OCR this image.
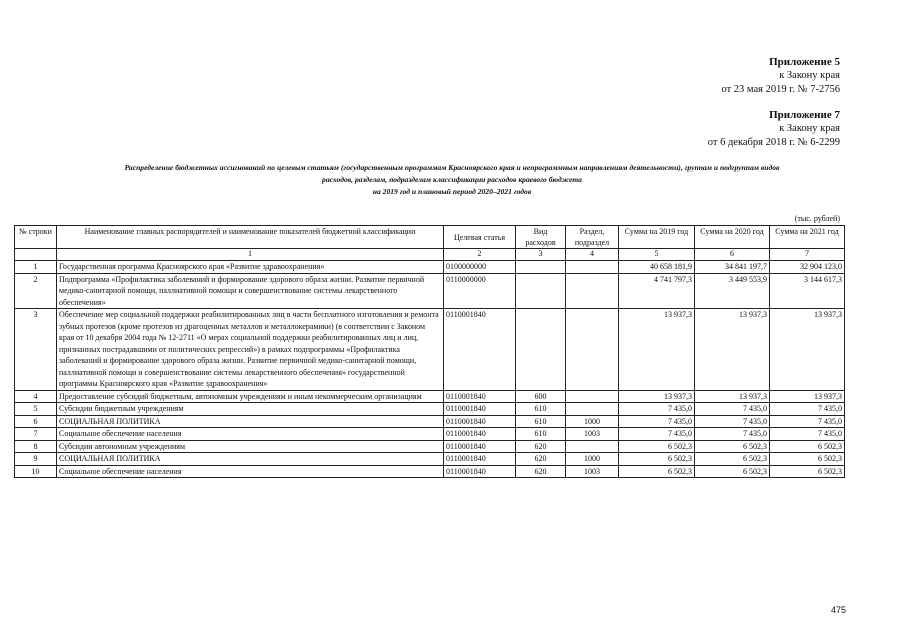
Приложение 5
к Закону края
от 23 мая 2019 г. № 7-2756
Приложение 7
к Закону края
от 6 декабря 2018 г. № 6-2299
Распределение бюджетных ассигнований по целевым статьям (государственным программам Красноярского края и непрограммным направлениям деятельности), группам и подгруппам видов
расходов, разделам, подразделам классификации расходов краевого бюджета
на 2019 год и плановый период 2020–2021 годов
(тыс. рублей)
№ строки	Наименование главных распорядителей и наименование показателей бюджетной классификации	Целевая статья	Вид расходов	Раздел, подраздел	Сумма на 2019 год	Сумма на 2020 год	Сумма на 2021 год
	1	2	3	4	5	6	7
1	Государственная программа Красноярского края «Развитие здравоохранения»	0100000000			40 658 181,9	34 841 197,7	32 904 123,0
2	Подпрограмма «Профилактика заболеваний и формирование здорового образа жизни. Развитие первичной медико-санитарной помощи, паллиативной помощи и совершенствование системы лекарственного обеспечения»	0110000000			4 741 797,3	3 449 553,9	3 144 617,3
3	Обеспечение мер социальной поддержки реабилитированных лиц в части бесплатного изготовления и ремонта зубных протезов (кроме протезов из драгоценных металлов и металлокерамики) (в соответствии с Законом края от 10 декабря 2004 года № 12-2711 «О мерах социальной поддержки реабилитированных лиц и лиц, признанных пострадавшими от политических репрессий») в рамках подпрограммы «Профилактика заболеваний и формирование здорового образа жизни. Развитие первичной медико-санитарной помощи, паллиативной помощи и совершенствование системы лекарственного обеспечения» государственной программы Красноярского края «Развитие здравоохранения»	0110001840			13 937,3	13 937,3	13 937,3
4	Предоставление субсидий бюджетным, автономным учреждениям и иным некоммерческим организациям	0110001840	600		13 937,3	13 937,3	13 937,3
5	Субсидии бюджетным учреждениям	0110001840	610		7 435,0	7 435,0	7 435,0
6	СОЦИАЛЬНАЯ ПОЛИТИКА	0110001840	610	1000	7 435,0	7 435,0	7 435,0
7	Социальное обеспечение населения	0110001840	610	1003	7 435,0	7 435,0	7 435,0
8	Субсидии автономным учреждениям	0110001840	620		6 502,3	6 502,3	6 502,3
9	СОЦИАЛЬНАЯ ПОЛИТИКА	0110001840	620	1000	6 502,3	6 502,3	6 502,3
10	Социальное обеспечение населения	0110001840	620	1003	6 502,3	6 502,3	6 502,3
475
